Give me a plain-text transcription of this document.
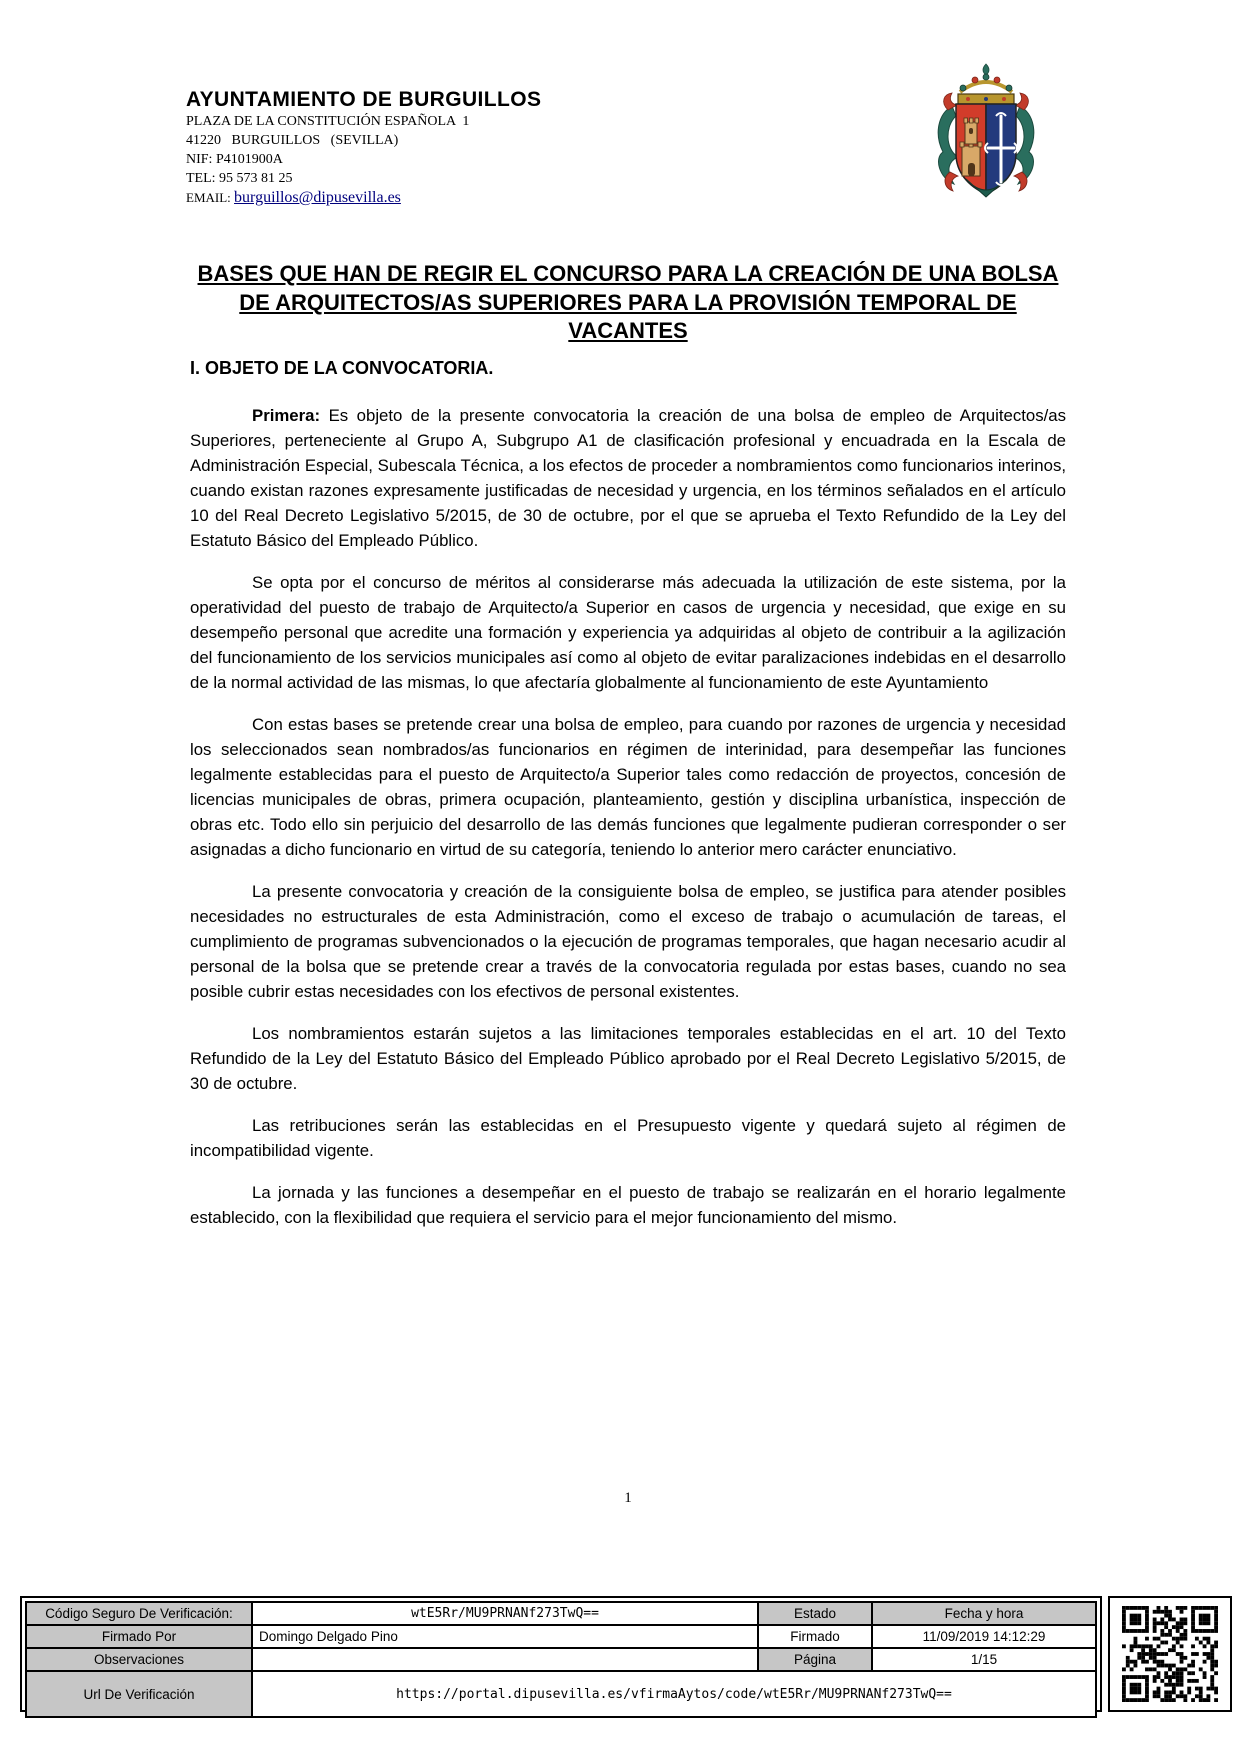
AYUNTAMIENTO DE BURGUILLOS
PLAZA DE LA CONSTITUCIÓN ESPAÑOLA  1
41220   BURGUILLOS   (SEVILLA)
NIF: P4101900A
TEL: 95 573 81 25
EMAIL: burguillos@dipusevilla.es
BASES QUE HAN DE REGIR EL CONCURSO PARA LA CREACIÓN DE UNA BOLSA DE ARQUITECTOS/AS SUPERIORES PARA LA PROVISIÓN TEMPORAL DE VACANTES
I. OBJETO DE LA CONVOCATORIA.

Primera: Es objeto de la presente convocatoria la creación de una bolsa de empleo de Arquitectos/as Superiores, perteneciente al Grupo A, Subgrupo A1 de clasificación profesional y encuadrada en la Escala de Administración Especial, Subescala Técnica, a los efectos de proceder a nombramientos como funcionarios interinos, cuando existan razones expresamente justificadas de necesidad y urgencia, en los términos señalados en el artículo 10 del Real Decreto Legislativo 5/2015, de 30 de octubre, por el que se aprueba el Texto Refundido de la Ley del Estatuto Básico del Empleado Público.

Se opta por el concurso de méritos al considerarse más adecuada la utilización de este sistema, por la operatividad del puesto de trabajo de Arquitecto/a Superior en casos de urgencia y necesidad, que exige en su desempeño personal que acredite una formación y experiencia ya adquiridas al objeto de contribuir a la agilización del funcionamiento de los servicios municipales así como al objeto de evitar paralizaciones indebidas en el desarrollo de la normal actividad de las mismas, lo que afectaría globalmente al funcionamiento de este Ayuntamiento

Con estas bases se pretende crear una bolsa de empleo, para cuando por razones de urgencia y necesidad los seleccionados sean nombrados/as funcionarios en régimen de interinidad, para desempeñar las funciones legalmente establecidas para el puesto de Arquitecto/a Superior tales como redacción de proyectos, concesión de licencias municipales de obras, primera ocupación, planteamiento, gestión y disciplina urbanística, inspección de obras etc. Todo ello sin perjuicio del desarrollo de las demás funciones que legalmente pudieran corresponder o ser asignadas a dicho funcionario en virtud de su categoría, teniendo lo anterior mero carácter enunciativo.

La presente convocatoria y creación de la consiguiente bolsa de empleo, se justifica para atender posibles necesidades no estructurales de esta Administración, como el exceso de trabajo o acumulación de tareas, el cumplimiento de programas subvencionados o la ejecución de programas temporales, que hagan necesario acudir al personal de la bolsa que se pretende crear a través de la convocatoria regulada por estas bases, cuando no sea posible cubrir estas necesidades con los efectivos de personal existentes.

Los nombramientos estarán sujetos a las limitaciones temporales establecidas en el art. 10 del Texto Refundido de la Ley del Estatuto Básico del Empleado Público aprobado por el Real Decreto Legislativo 5/2015, de 30 de octubre.

Las retribuciones serán las establecidas en el Presupuesto vigente y quedará sujeto al régimen de incompatibilidad vigente.

La jornada y las funciones a desempeñar en el puesto de trabajo se realizarán en el horario legalmente establecido, con la flexibilidad que requiera el servicio para el mejor funcionamiento del mismo.

1
Código Seguro De Verificación:	wtE5Rr/MU9PRNANf273TwQ==	Estado	Fecha y hora
Firmado Por	Domingo Delgado Pino	Firmado	11/09/2019 14:12:29
Observaciones		Página	1/15
Url De Verificación	https://portal.dipusevilla.es/vfirmaAytos/code/wtE5Rr/MU9PRNANf273TwQ==		
